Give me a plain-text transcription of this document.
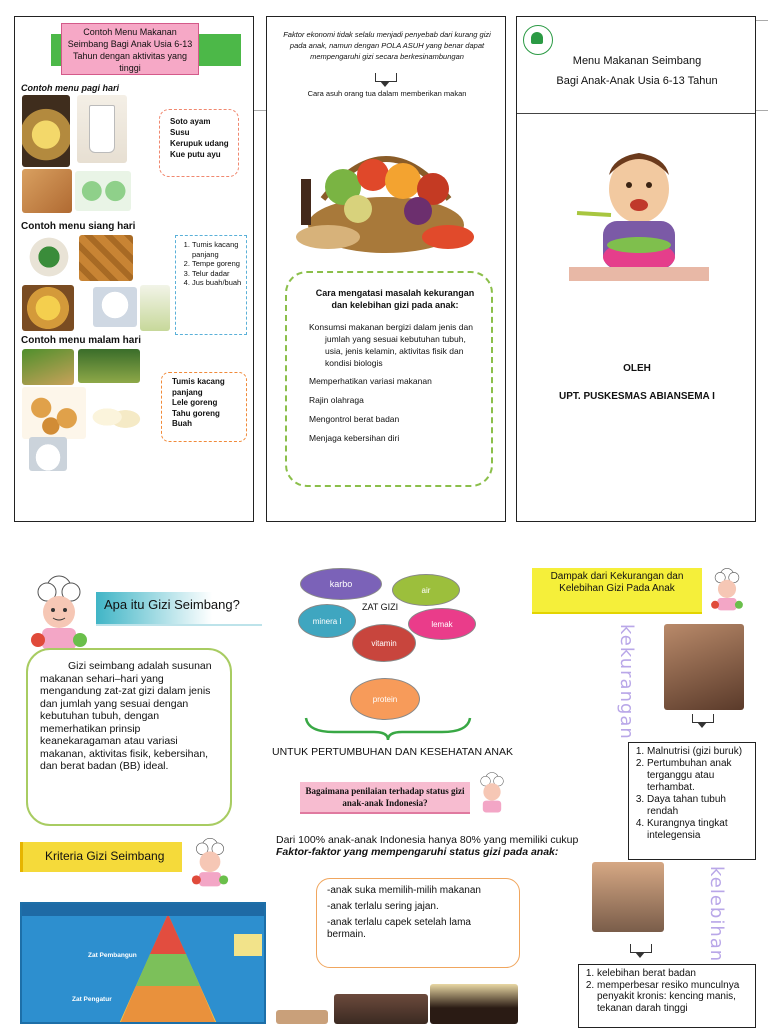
Contoh Menu Makanan Seimbang Bagi Anak Usia 6-13 Tahun dengan aktivitas yang tinggi
Contoh menu pagi hari
Soto ayam
Susu
Kerupuk udang
Kue putu ayu
Contoh menu siang hari
1. Tumis kacang panjang
2. Tempe goreng
3. Telur dadar
4. Jus buah/buah
Contoh menu malam hari
Tumis kacang panjang
Lele goreng
Tahu goreng
Buah
Faktor ekonomi tidak selalu menjadi penyebab dari kurang gizi pada anak, namun dengan POLA ASUH yang benar dapat mempengaruhi gizi secara berkesinambungan
Cara asuh orang tua dalam memberikan makan
Cara mengatasi masalah kekurangan dan kelebihan gizi pada anak:
Konsumsi makanan bergizi dalam jenis dan jumlah yang sesuai kebutuhan tubuh, usia, jenis kelamin, aktivitas fisik dan kondisi biologis
Memperhatikan variasi makanan
Rajin olahraga
Mengontrol berat badan
Menjaga kebersihan diri
Menu Makanan Seimbang
Bagi Anak-Anak Usia 6-13 Tahun
OLEH
UPT. PUSKESMAS ABIANSEMA I
Apa itu Gizi Seimbang?
Gizi seimbang adalah susunan makanan sehari–hari yang mengandung zat-zat gizi dalam jenis dan jumlah yang sesuai dengan kebutuhan tubuh, dengan memerhatikan prinsip keanekaragaman atau variasi makanan, aktivitas fisik, kebersihan, dan berat badan (BB) ideal.
Kriteria Gizi Seimbang
Zat Pembangun
Zat Pengatur
karbo
air
ZAT GIZI
minera l	lemak
vitamin
protein
UNTUK PERTUMBUHAN DAN KESEHATAN ANAK
Bagaimana penilaian terhadap status gizi anak-anak Indonesia?
Dari 100% anak-anak Indonesia hanya 80% yang memiliki cukup
Faktor-faktor yang mempengaruhi status gizi pada anak:
-anak suka memilih-milih makanan
-anak terlalu sering jajan.
-anak terlalu capek setelah lama bermain.
Dampak dari Kekurangan dan Kelebihan Gizi Pada Anak
kekurangan
1. Malnutrisi (gizi buruk)
2. Pertumbuhan anak terganggu atau terhambat.
3. Daya tahan tubuh rendah
4. Kurangnya tingkat intelegensia
kelebihan
1. kelebihan berat badan
2. memperbesar resiko munculnya penyakit kronis: kencing manis, tekanan darah tinggi
